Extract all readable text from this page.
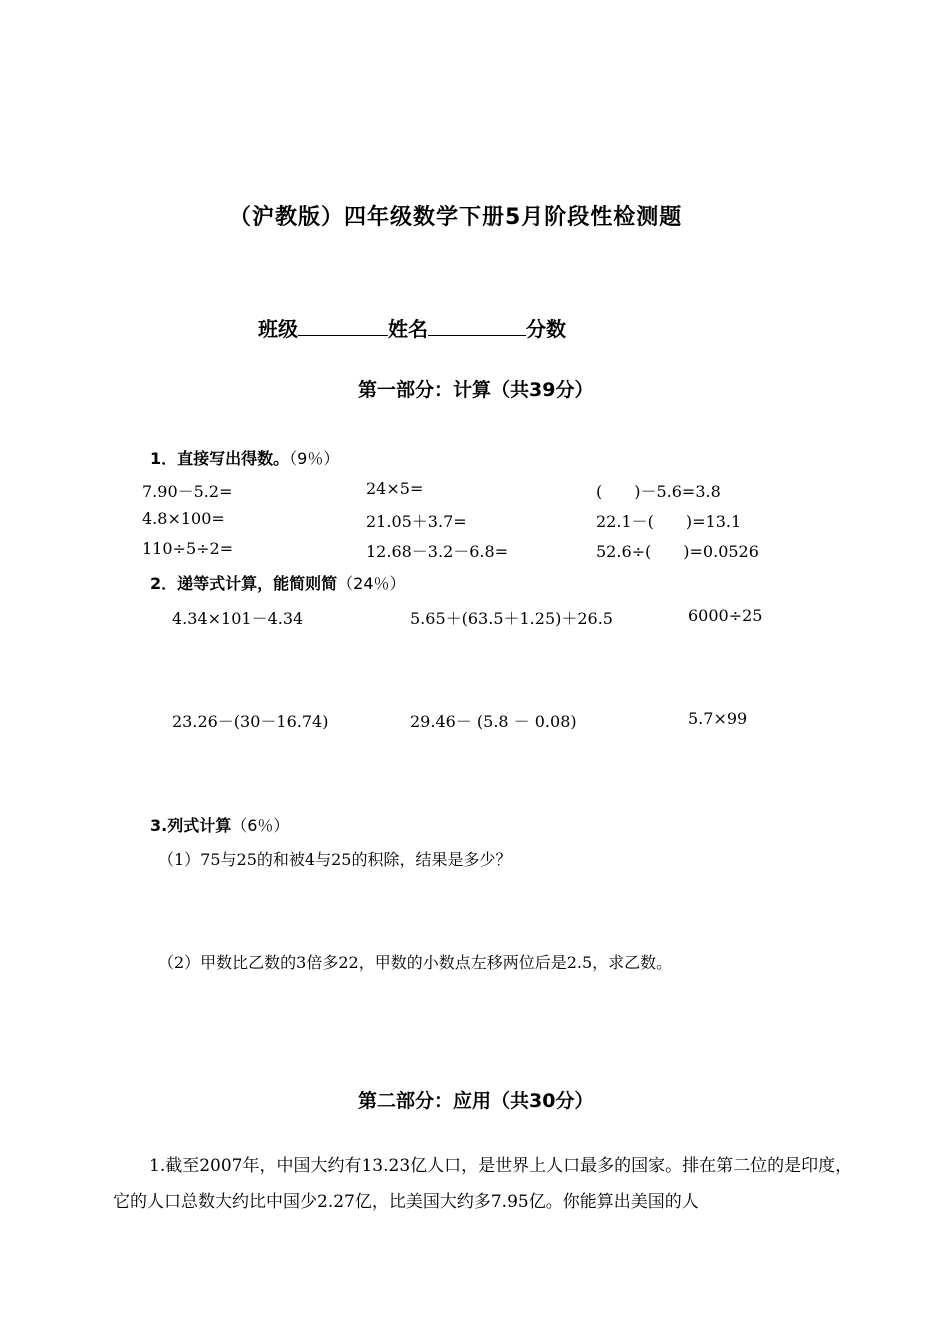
（沪教版）四年级数学下册5月阶段性检测题
班级	姓名	分数
第一部分：计算（共39分）
1．直接写出得数。（9％）
7.90－5.2=	24×5=	(　　)－5.6=3.8
4.8×100=	21.05＋3.7=	22.1－(　　)=13.1
110÷5÷2=	12.68－3.2－6.8=	52.6÷(　　)=0.0526
2．递等式计算，能简则简（24％）
4.34×101－4.34	5.65＋(63.5＋1.25)＋26.5	6000÷25
23.26－(30－16.74)	29.46－ (5.8 － 0.08)	5.7×99
3.列式计算（6％）
（1）75与25的和被4与25的积除，结果是多少？
（2）甲数比乙数的3倍多22，甲数的小数点左移两位后是2.5，求乙数。
第二部分：应用（共30分）
1.截至2007年，中国大约有13.23亿人口，是世界上人口最多的国家。排在第二位的是印度，它的人口总数大约比中国少2.27亿，比美国大约多7.95亿。你能算出美国的人
